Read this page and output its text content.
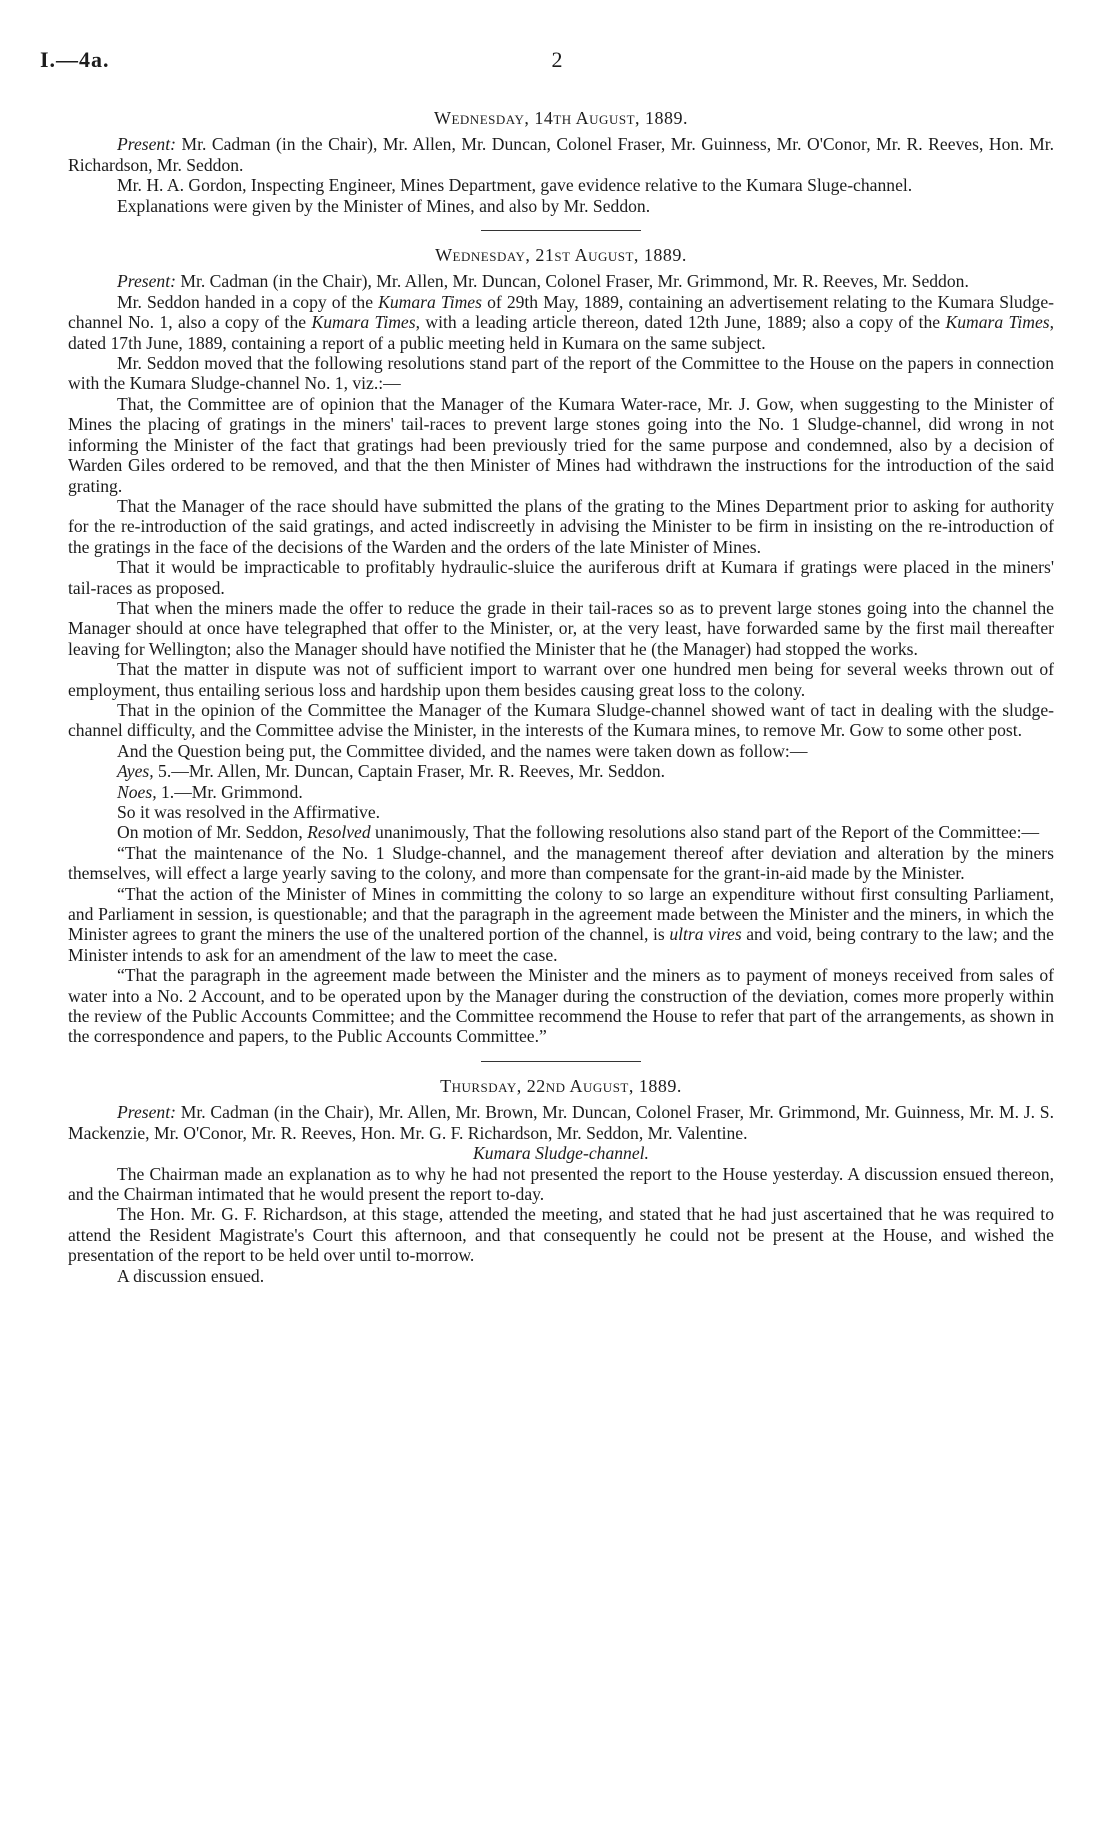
I.—4a.	2
Wednesday, 14th August, 1889.

Present: Mr. Cadman (in the Chair), Mr. Allen, Mr. Duncan, Colonel Fraser, Mr. Guinness, Mr. O'Conor, Mr. R. Reeves, Hon. Mr. Richardson, Mr. Seddon.

Mr. H. A. Gordon, Inspecting Engineer, Mines Department, gave evidence relative to the Kumara Sluge-channel.

Explanations were given by the Minister of Mines, and also by Mr. Seddon.

Wednesday, 21st August, 1889.

Present: Mr. Cadman (in the Chair), Mr. Allen, Mr. Duncan, Colonel Fraser, Mr. Grimmond, Mr. R. Reeves, Mr. Seddon.

Mr. Seddon handed in a copy of the Kumara Times of 29th May, 1889, containing an advertisement relating to the Kumara Sludge-channel No. 1, also a copy of the Kumara Times, with a leading article thereon, dated 12th June, 1889; also a copy of the Kumara Times, dated 17th June, 1889, containing a report of a public meeting held in Kumara on the same subject.

Mr. Seddon moved that the following resolutions stand part of the report of the Committee to the House on the papers in connection with the Kumara Sludge-channel No. 1, viz.:—

That, the Committee are of opinion that the Manager of the Kumara Water-race, Mr. J. Gow, when suggesting to the Minister of Mines the placing of gratings in the miners' tail-races to prevent large stones going into the No. 1 Sludge-channel, did wrong in not informing the Minister of the fact that gratings had been previously tried for the same purpose and condemned, also by a decision of Warden Giles ordered to be removed, and that the then Minister of Mines had withdrawn the instructions for the introduction of the said grating.

That the Manager of the race should have submitted the plans of the grating to the Mines Department prior to asking for authority for the re-introduction of the said gratings, and acted indiscreetly in advising the Minister to be firm in insisting on the re-introduction of the gratings in the face of the decisions of the Warden and the orders of the late Minister of Mines.

That it would be impracticable to profitably hydraulic-sluice the auriferous drift at Kumara if gratings were placed in the miners' tail-races as proposed.

That when the miners made the offer to reduce the grade in their tail-races so as to prevent large stones going into the channel the Manager should at once have telegraphed that offer to the Minister, or, at the very least, have forwarded same by the first mail thereafter leaving for Wellington; also the Manager should have notified the Minister that he (the Manager) had stopped the works.

That the matter in dispute was not of sufficient import to warrant over one hundred men being for several weeks thrown out of employment, thus entailing serious loss and hardship upon them besides causing great loss to the colony.

That in the opinion of the Committee the Manager of the Kumara Sludge-channel showed want of tact in dealing with the sludge-channel difficulty, and the Committee advise the Minister, in the interests of the Kumara mines, to remove Mr. Gow to some other post.

And the Question being put, the Committee divided, and the names were taken down as follow:—

Ayes, 5.—Mr. Allen, Mr. Duncan, Captain Fraser, Mr. R. Reeves, Mr. Seddon.

Noes, 1.—Mr. Grimmond.

So it was resolved in the Affirmative.

On motion of Mr. Seddon, Resolved unanimously, That the following resolutions also stand part of the Report of the Committee:—

“That the maintenance of the No. 1 Sludge-channel, and the management thereof after deviation and alteration by the miners themselves, will effect a large yearly saving to the colony, and more than compensate for the grant-in-aid made by the Minister.

“That the action of the Minister of Mines in committing the colony to so large an expenditure without first consulting Parliament, and Parliament in session, is questionable; and that the paragraph in the agreement made between the Minister and the miners, in which the Minister agrees to grant the miners the use of the unaltered portion of the channel, is ultra vires and void, being contrary to the law; and the Minister intends to ask for an amendment of the law to meet the case.

“That the paragraph in the agreement made between the Minister and the miners as to payment of moneys received from sales of water into a No. 2 Account, and to be operated upon by the Manager during the construction of the deviation, comes more properly within the review of the Public Accounts Committee; and the Committee recommend the House to refer that part of the arrangements, as shown in the correspondence and papers, to the Public Accounts Committee.”

Thursday, 22nd August, 1889.

Present: Mr. Cadman (in the Chair), Mr. Allen, Mr. Brown, Mr. Duncan, Colonel Fraser, Mr. Grimmond, Mr. Guinness, Mr. M. J. S. Mackenzie, Mr. O'Conor, Mr. R. Reeves, Hon. Mr. G. F. Richardson, Mr. Seddon, Mr. Valentine.

Kumara Sludge-channel.

The Chairman made an explanation as to why he had not presented the report to the House yesterday. A discussion ensued thereon, and the Chairman intimated that he would present the report to-day.

The Hon. Mr. G. F. Richardson, at this stage, attended the meeting, and stated that he had just ascertained that he was required to attend the Resident Magistrate's Court this afternoon, and that consequently he could not be present at the House, and wished the presentation of the report to be held over until to-morrow.

A discussion ensued.
